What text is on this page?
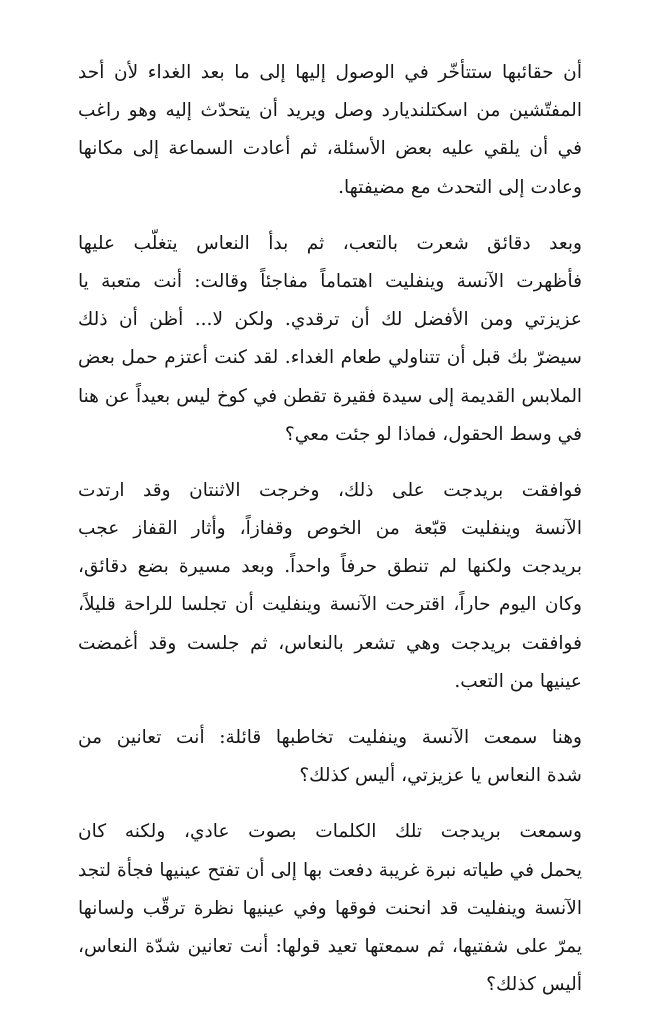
أن حقائبها ستتأخّر في الوصول إليها إلى ما بعد الغداء لأن أحد
المفتّشين من اسكتلنديارد وصل ويريد أن يتحدّث إليه وهو راغب
في أن يلقي عليه بعض الأسئلة، ثم أعادت السماعة إلى مكانها
وعادت إلى التحدث مع مضيفتها.
وبعد دقائق شعرت بالتعب، ثم بدأ النعاس يتغلّب عليها
فأظهرت الآنسة وينفليت اهتماماً مفاجئاً وقالت: أنت متعبة يا
عزيزتي ومن الأفضل لك أن ترقدي. ولكن لا... أظن أن ذلك
سيضرّ بك قبل أن تتناولي طعام الغداء. لقد كنت أعتزم حمل بعض
الملابس القديمة إلى سيدة فقيرة تقطن في كوخ ليس بعيداً عن هنا
في وسط الحقول، فماذا لو جئت معي؟
فوافقت بريدجت على ذلك، وخرجت الاثنتان وقد ارتدت
الآنسة وينفليت قبّعة من الخوص وقفازاً، وأثار القفاز عجب
بريدجت ولكنها لم تنطق حرفاً واحداً. وبعد مسيرة بضع دقائق،
وكان اليوم حاراً، اقترحت الآنسة وينفليت أن تجلسا للراحة قليلاً،
فوافقت بريدجت وهي تشعر بالنعاس، ثم جلست وقد أغمضت
عينيها من التعب.
وهنا سمعت الآنسة وينفليت تخاطبها قائلة: أنت تعانين من
شدة النعاس يا عزيزتي، أليس كذلك؟
وسمعت بريدجت تلك الكلمات بصوت عادي، ولكنه كان
يحمل في طياته نبرة غريبة دفعت بها إلى أن تفتح عينيها فجأة لتجد
الآنسة وينفليت قد انحنت فوقها وفي عينيها نظرة ترقّب ولسانها
يمرّ على شفتيها، ثم سمعتها تعيد قولها: أنت تعانين شدّة النعاس،
أليس كذلك؟
